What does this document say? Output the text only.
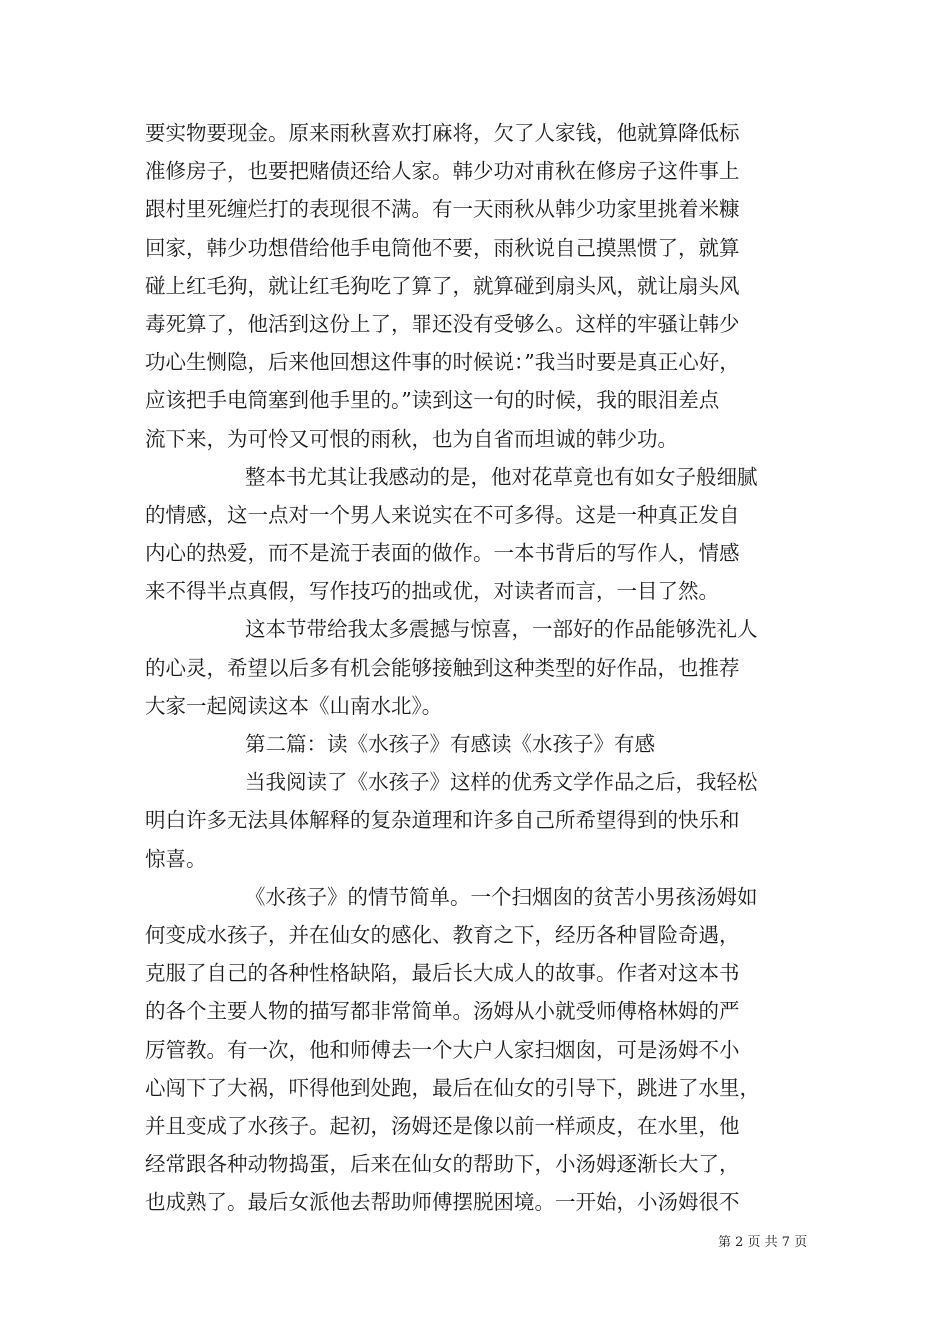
要实物要现金。原来雨秋喜欢打麻将，欠了人家钱，他就算降低标
准修房子，也要把赌债还给人家。韩少功对甫秋在修房子这件事上
跟村里死缠烂打的表现很不满。有一天雨秋从韩少功家里挑着米糠
回家，韩少功想借给他手电筒他不要，雨秋说自己摸黑惯了，就算
碰上红毛狗，就让红毛狗吃了算了，就算碰到扇头风，就让扇头风
毒死算了，他活到这份上了，罪还没有受够么。这样的牢骚让韩少
功心生恻隐，后来他回想这件事的时候说：”我当时要是真正心好，
应该把手电筒塞到他手里的。”读到这一句的时候，我的眼泪差点
流下来，为可怜又可恨的雨秋，也为自省而坦诚的韩少功。
整本书尤其让我感动的是，他对花草竟也有如女子般细腻
的情感，这一点对一个男人来说实在不可多得。这是一种真正发自
内心的热爱，而不是流于表面的做作。一本书背后的写作人，情感
来不得半点真假，写作技巧的拙或优，对读者而言，一目了然。
这本节带给我太多震撼与惊喜，一部好的作品能够洗礼人
的心灵，希望以后多有机会能够接触到这种类型的好作品，也推荐
大家一起阅读这本《山南水北》。
第二篇：读《水孩子》有感读《水孩子》有感
当我阅读了《水孩子》这样的优秀文学作品之后，我轻松
明白许多无法具体解释的复杂道理和许多自己所希望得到的快乐和
惊喜。
《水孩子》的情节简单。一个扫烟囱的贫苦小男孩汤姆如
何变成水孩子，并在仙女的感化、教育之下，经历各种冒险奇遇，
克服了自己的各种性格缺陷，最后长大成人的故事。作者对这本书
的各个主要人物的描写都非常简单。汤姆从小就受师傅格林姆的严
厉管教。有一次，他和师傅去一个大户人家扫烟囱，可是汤姆不小
心闯下了大祸，吓得他到处跑，最后在仙女的引导下，跳进了水里，
并且变成了水孩子。起初，汤姆还是像以前一样顽皮，在水里，他
经常跟各种动物捣蛋，后来在仙女的帮助下，小汤姆逐渐长大了，
也成熟了。最后女派他去帮助师傅摆脱困境。一开始，小汤姆很不
第 2 页 共 7 页
